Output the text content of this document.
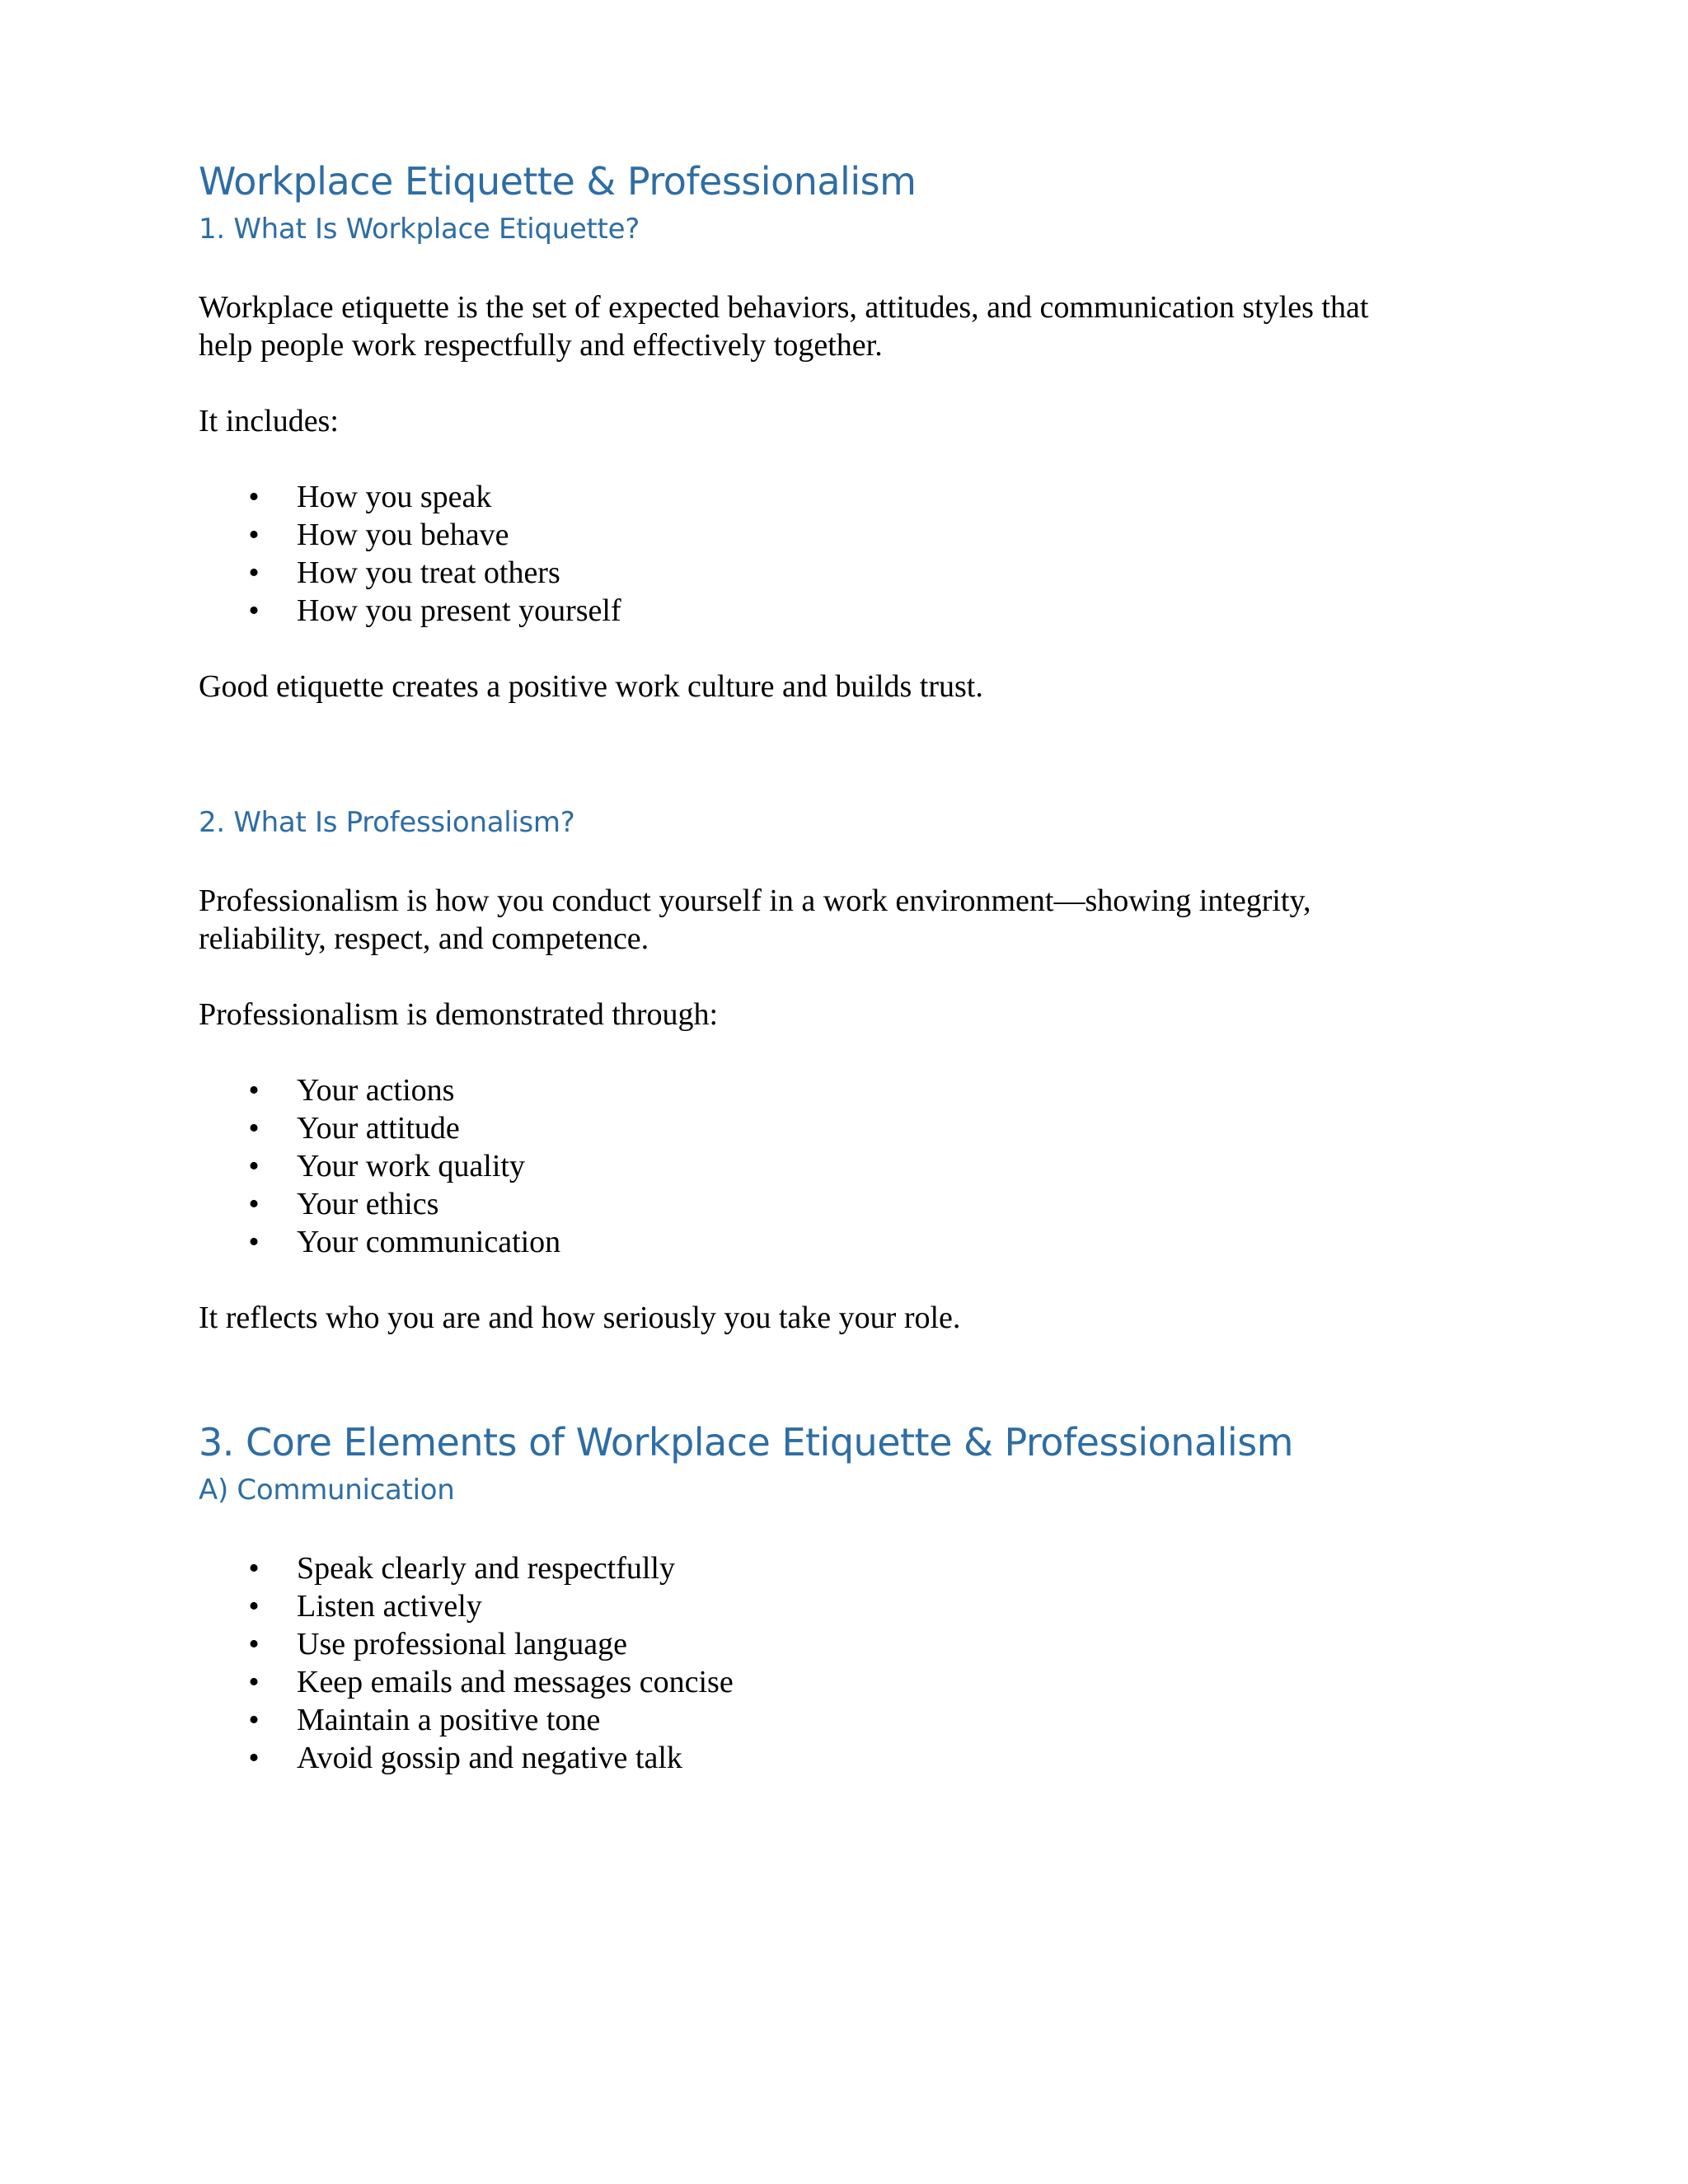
Workplace Etiquette & Professionalism
1. What Is Workplace Etiquette?

Workplace etiquette is the set of expected behaviors, attitudes, and communication styles that

help people work respectfully and effectively together.

It includes:

• How you speak
• How you behave
• How you treat others
• How you present yourself

Good etiquette creates a positive work culture and builds trust.

2. What Is Professionalism?

Professionalism is how you conduct yourself in a work environment—showing integrity,

reliability, respect, and competence.

Professionalism is demonstrated through:

• Your actions
• Your attitude
• Your work quality
• Your ethics
• Your communication

It reflects who you are and how seriously you take your role.

3. Core Elements of Workplace Etiquette & Professionalism
A) Communication
• Speak clearly and respectfully
• Listen actively
• Use professional language
• Keep emails and messages concise
• Maintain a positive tone
• Avoid gossip and negative talk
